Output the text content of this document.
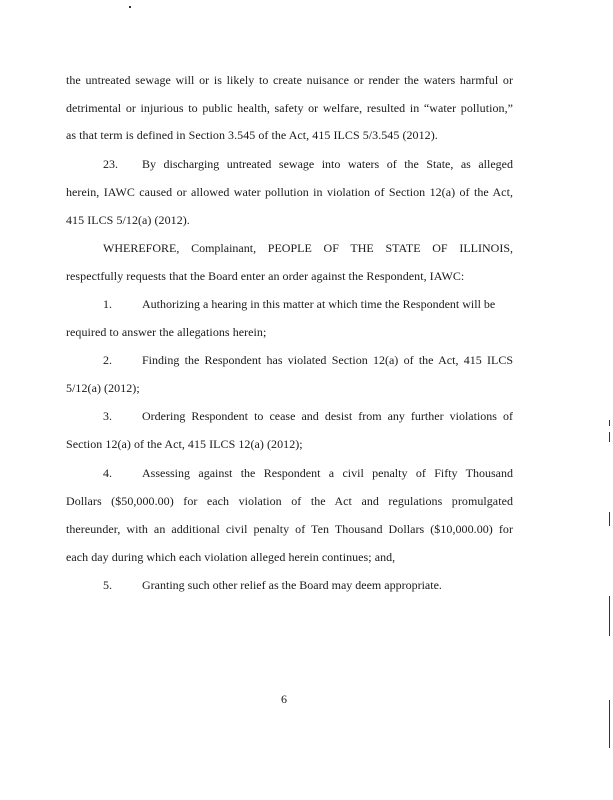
the untreated sewage will or is likely to create nuisance or render the waters harmful or
detrimental or injurious to public health, safety or welfare, resulted in “water pollution,”
as that term is defined in Section 3.545 of the Act, 415 ILCS 5/3.545 (2012).
23. By discharging untreated sewage into waters of the State, as alleged
herein, IAWC caused or allowed water pollution in violation of Section 12(a) of the Act,
415 ILCS 5/12(a) (2012).
WHEREFORE, Complainant, PEOPLE OF THE STATE OF ILLINOIS,
respectfully requests that the Board enter an order against the Respondent, IAWC:
1.	Authorizing a hearing in this matter at which time the Respondent will be
required to answer the allegations herein;
2.	Finding the Respondent has violated Section 12(a) of the Act, 415 ILCS
5/12(a) (2012);
3.	Ordering Respondent to cease and desist from any further violations of
Section 12(a) of the Act, 415 ILCS 12(a) (2012);
4.	Assessing against the Respondent a civil penalty of Fifty Thousand
Dollars ($50,000.00) for each violation of the Act and regulations promulgated
thereunder, with an additional civil penalty of Ten Thousand Dollars ($10,000.00) for
each day during which each violation alleged herein continues; and,
5.	Granting such other relief as the Board may deem appropriate.
6
